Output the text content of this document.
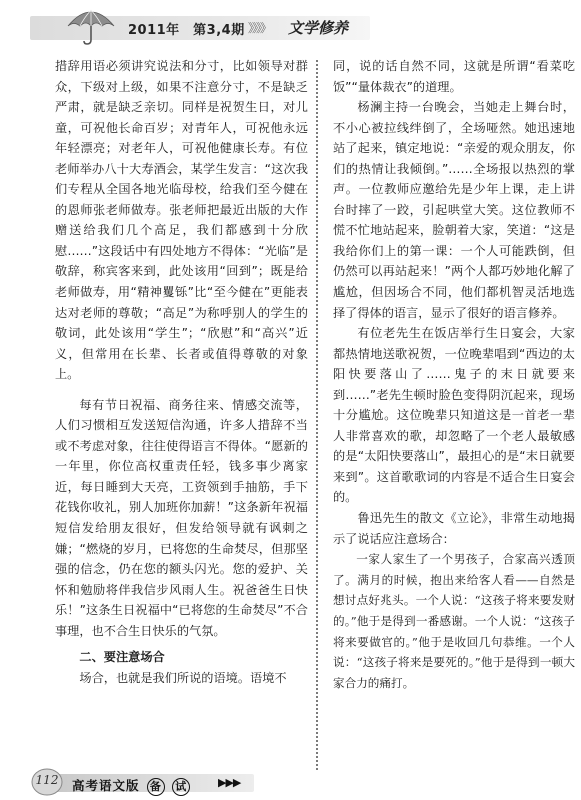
2011年　第3,4期 》》》》 文学修养

措辞用语必须讲究说法和分寸，比如领导对群众，下级对上级，如果不注意分寸，不是缺乏严肃，就是缺乏亲切。同样是祝贺生日，对儿童，可祝他长命百岁；对青年人，可祝他永远年轻漂亮；对老年人，可祝他健康长寿。有位老师举办八十大寿酒会，某学生发言：“这次我们专程从全国各地光临母校，给我们至今健在的恩师张老师做寿。张老师把最近出版的大作赠送给我们几个高足，我们都感到十分欣慰……”这段话中有四处地方不得体：“光临”是敬辞，称宾客来到，此处该用“回到”；既是给老师做寿，用“精神矍铄”比“至今健在”更能表达对老师的尊敬；“高足”为称呼别人的学生的敬词，此处该用“学生”；“欣慰”和“高兴”近义，但常用在长辈、长者或值得尊敬的对象上。

每有节日祝福、商务往来、情感交流等，人们习惯相互发送短信沟通，许多人措辞不当或不考虑对象，往往使得语言不得体。“愿新的一年里，你位高权重责任轻，钱多事少离家近，每日睡到大天亮，工资领到手抽筋，手下花钱你收礼，别人加班你加薪！”这条新年祝福短信发给朋友很好，但发给领导就有讽刺之嫌；“燃烧的岁月，已将您的生命焚尽，但那坚强的信念，仍在您的额头闪光。您的爱护、关怀和勉励将伴我信步风雨人生。祝爸爸生日快乐！”这条生日祝福中“已将您的生命焚尽”不合事理，也不合生日快乐的气氛。

二、要注意场合

场合，也就是我们所说的语境。语境不

同，说的话自然不同，这就是所谓“看菜吃饭”“量体裁衣”的道理。

杨澜主持一台晚会，当她走上舞台时，不小心被拉线绊倒了，全场哑然。她迅速地站了起来，镇定地说：“亲爱的观众朋友，你们的热情让我倾倒。”……全场报以热烈的掌声。一位教师应邀给先是少年上课，走上讲台时摔了一跤，引起哄堂大笑。这位教师不慌不忙地站起来，脸朝着大家，笑道：“这是我给你们上的第一课：一个人可能跌倒，但仍然可以再站起来！”两个人都巧妙地化解了尴尬，但因场合不同，他们都机智灵活地选择了得体的语言，显示了很好的语言修养。

有位老先生在饭店举行生日宴会，大家都热情地送歌祝贺，一位晚辈唱到“西边的太阳快要落山了……鬼子的末日就要来到……”老先生顿时脸色变得阴沉起来，现场十分尴尬。这位晚辈只知道这是一首老一辈人非常喜欢的歌，却忽略了一个老人最敏感的是“太阳快要落山”，最担心的是“末日就要来到”。这首歌歌词的内容是不适合生日宴会的。

鲁迅先生的散文《立论》，非常生动地揭示了说话应注意场合：

一家人家生了一个男孩子，合家高兴透顶了。满月的时候，抱出来给客人看——自然是想讨点好兆头。一个人说：“这孩子将来要发财的。”他于是得到一番感谢。一个人说：“这孩子将来要做官的。”他于是收回几句恭维。一个人说：“这孩子将来是要死的。”他于是得到一顿大家合力的痛打。

112	高考语文版 备 试	▶▶▶
